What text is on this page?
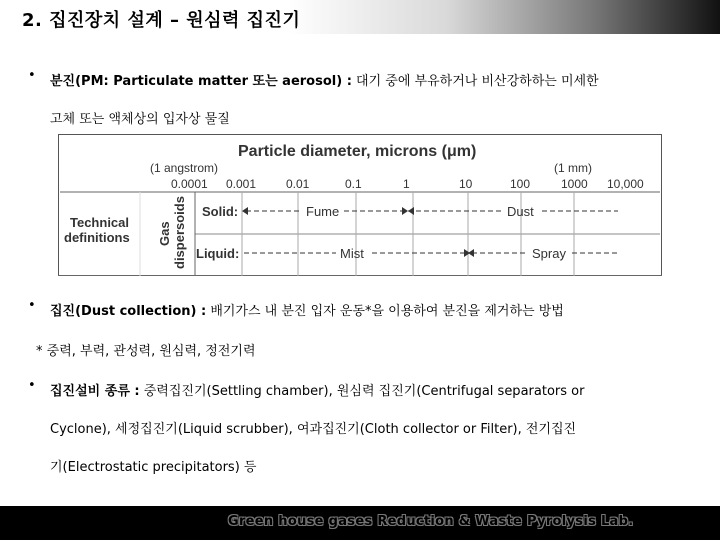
2. 집진장치 설계 – 원심력 집진기
• 분진(PM: Particulate matter 또는 aerosol) : 대기 중에 부유하거나 비산강하하는 미세한
고체 또는 액체상의 입자상 물질
Particle diameter, microns (μm)
(1 angstrom)	(1 mm)
0.0001 0.001 0.01	0.1	1	10	100	1000 10,000
Technical
definitions Gas dispersoids Solid:	Fume	Dust
Liquid:	Mist	Spray
• 집진(Dust collection) : 배기가스 내 분진 입자 운동*을 이용하여 분진을 제거하는 방법
* 중력, 부력, 관성력, 원심력, 정전기력
• 집진설비 종류 : 중력집진기(Settling chamber), 원심력 집진기(Centrifugal separators or
Cyclone), 세정집진기(Liquid scrubber), 여과집진기(Cloth collector or Filter), 전기집진
기(Electrostatic precipitators) 등
Green house gases Reduction & Waste Pyrolysis Lab.
